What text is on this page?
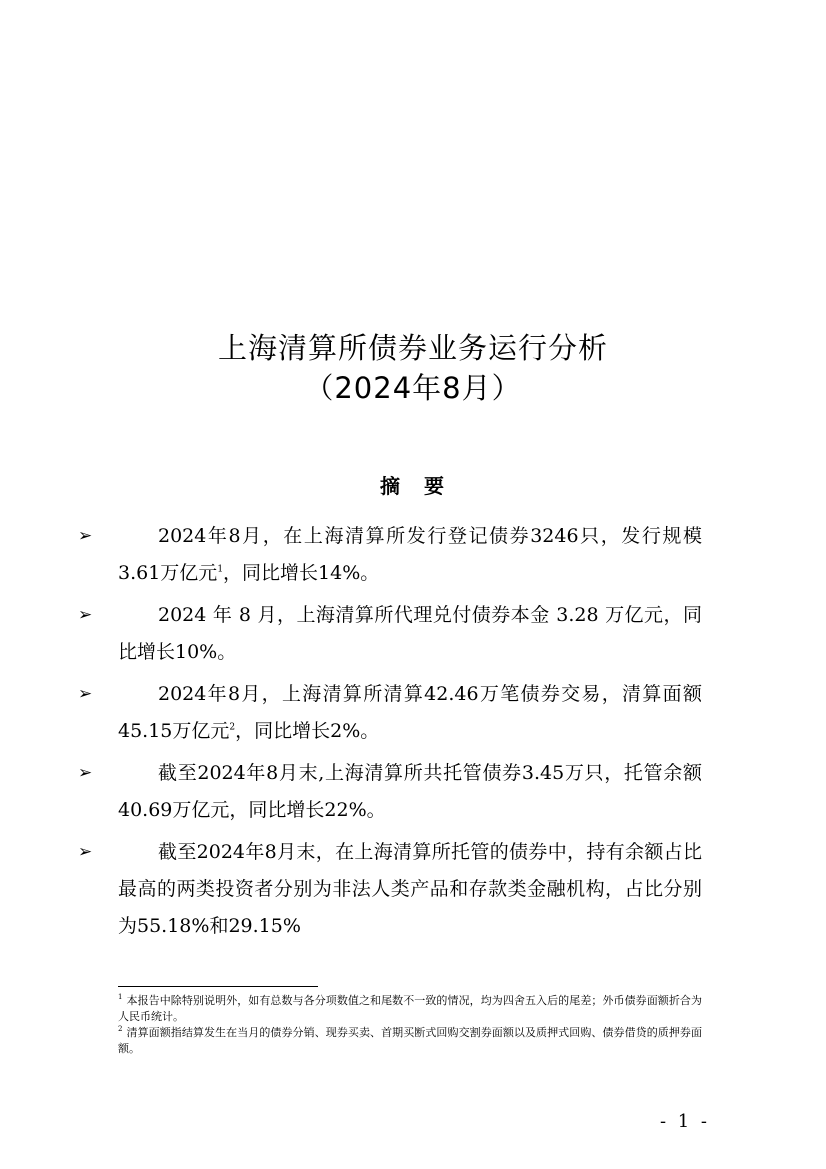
上海清算所债券业务运行分析
（2024年8月）
摘 要
➢	2024年8月，在上海清算所发行登记债券3246只，发行规模3.61万亿元$^1$，同比增长14%。
➢	2024 年 8 月，上海清算所代理兑付债券本金 3.28 万亿元，同比增长10%。
➢	2024年8月，上海清算所清算42.46万笔债券交易，清算面额45.15万亿元$^2$，同比增长2%。
➢	截至2024年8月末,上海清算所共托管债券3.45万只，托管余额40.69万亿元，同比增长22%。
➢	截至2024年8月末，在上海清算所托管的债券中，持有余额占比最高的两类投资者分别为非法人类产品和存款类金融机构，占比分别为55.18%和29.15%

$^1$ 本报告中除特别说明外，如有总数与各分项数值之和尾数不一致的情况，均为四舍五入后的尾差；外币债券面额折合为人民币统计。

$^2$ 清算面额指结算发生在当月的债券分销、现券买卖、首期买断式回购交割券面额以及质押式回购、债券借贷的质押券面额。

- 1 -
